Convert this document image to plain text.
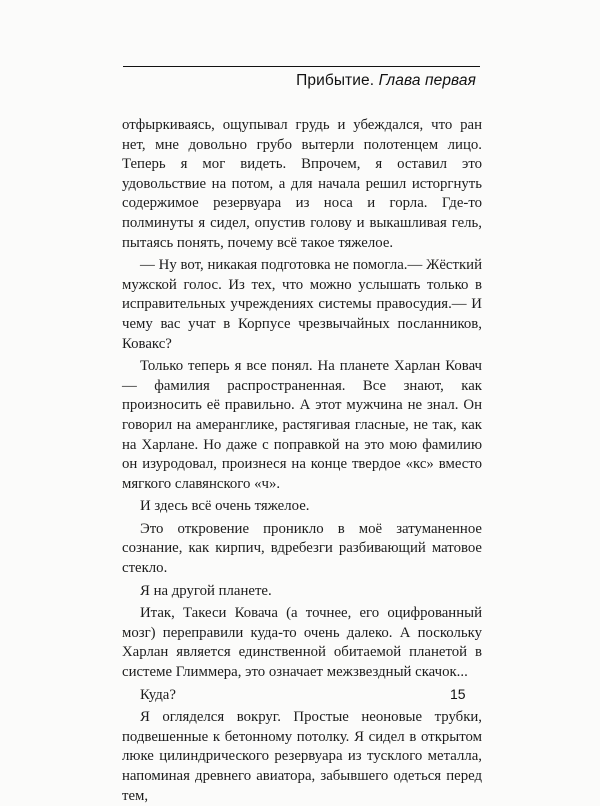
Прибытие. Глава первая

отфыркиваясь, ощупывал грудь и убеждался, что ран нет, мне довольно грубо вытерли полотенцем лицо. Теперь я мог видеть. Впрочем, я оставил это удовольствие на потом, а для начала решил исторгнуть содержимое резервуара из носа и горла. Где-то полминуты я сидел, опустив голову и выкашливая гель, пытаясь понять, почему всё такое тяжелое.

— Ну вот, никакая подготовка не помогла.— Жёсткий мужской голос. Из тех, что можно услышать только в исправительных учреждениях системы правосудия.— И чему вас учат в Корпусе чрезвычайных посланников, Ковакс?

Только теперь я все понял. На планете Харлан Ковач — фамилия распространенная. Все знают, как произносить её правильно. А этот мужчина не знал. Он говорил на амеранглике, растягивая гласные, не так, как на Харлане. Но даже с поправкой на это мою фамилию он изуродовал, произнеся на конце твердое «кс» вместо мягкого славянского «ч».

И здесь всё очень тяжелое.

Это откровение проникло в моё затуманенное сознание, как кирпич, вдребезги разбивающий матовое стекло.

Я на другой планете.

Итак, Такеси Ковача (а точнее, его оцифрованный мозг) переправили куда-то очень далеко. А поскольку Харлан является единственной обитаемой планетой в системе Глиммера, это означает межзвездный скачок...

Куда?

Я огляделся вокруг. Простые неоновые трубки, подвешенные к бетонному потолку. Я сидел в открытом люке цилиндрического резервуара из тусклого металла, напоминая древнего авиатора, забывшего одеться перед тем,

15
